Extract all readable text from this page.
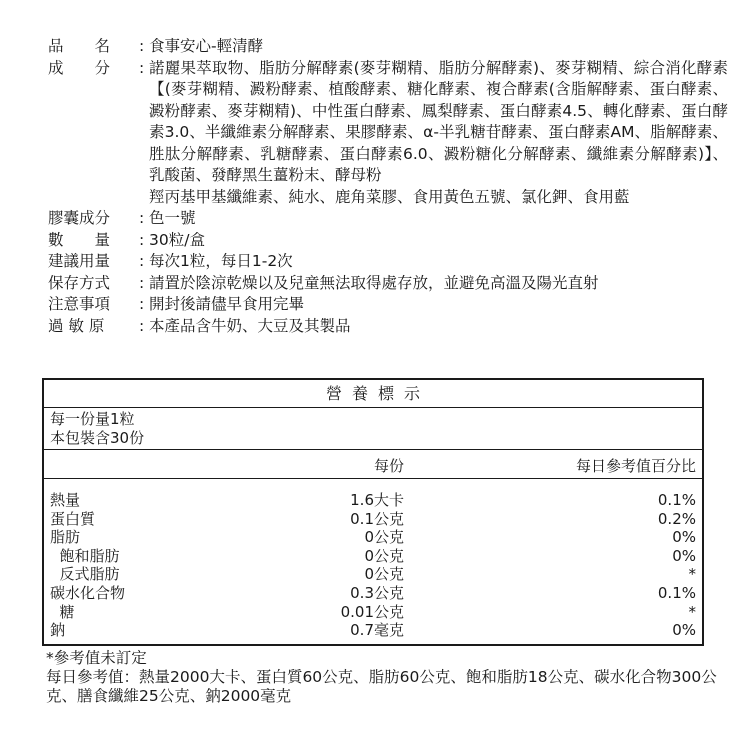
品　　名	: 食事安心-輕清酵
成　　分	: 諾麗果萃取物、脂肪分解酵素(麥芽糊精、脂肪分解酵素)、麥芽糊精、綜合消化酵素【(麥芽糊精、澱粉酵素、植酸酵素、糖化酵素、複合酵素(含脂解酵素、蛋白酵素、澱粉酵素、麥芽糊精)、中性蛋白酵素、鳳梨酵素、蛋白酵素4.5、轉化酵素、蛋白酵素3.0、半纖維素分解酵素、果膠酵素、α-半乳糖苷酵素、蛋白酵素AM、脂解酵素、胜肽分解酵素、乳糖酵素、蛋白酵素6.0、澱粉糖化分解酵素、纖維素分解酵素)】、乳酸菌、發酵黑生薑粉末、酵母粉
羥丙基甲基纖維素、純水、鹿角菜膠、食用黃色五號、氯化鉀、食用藍
膠囊成分	: 色一號
數　　量	: 30粒/盒
建議用量	: 每次1粒，每日1-2次
保存方式	: 請置於陰涼乾燥以及兒童無法取得處存放，並避免高溫及陽光直射
注意事項	: 開封後請儘早食用完畢
過 敏 原	: 本產品含牛奶、大豆及其製品
營養標示
每一份量1粒
本包裝含30份
每份	每日參考值百分比
熱量	1.6大卡	0.1%
蛋白質	0.1公克	0.2%
脂肪	0公克	0%
飽和脂肪	0公克	0%
反式脂肪	0公克	*
碳水化合物	0.3公克	0.1%
糖	0.01公克	*
鈉	0.7毫克	0%
*參考值未訂定
每日參考值：熱量2000大卡、蛋白質60公克、脂肪60公克、飽和脂肪18公克、碳水化合物300公克、膳食纖維25公克、鈉2000毫克
